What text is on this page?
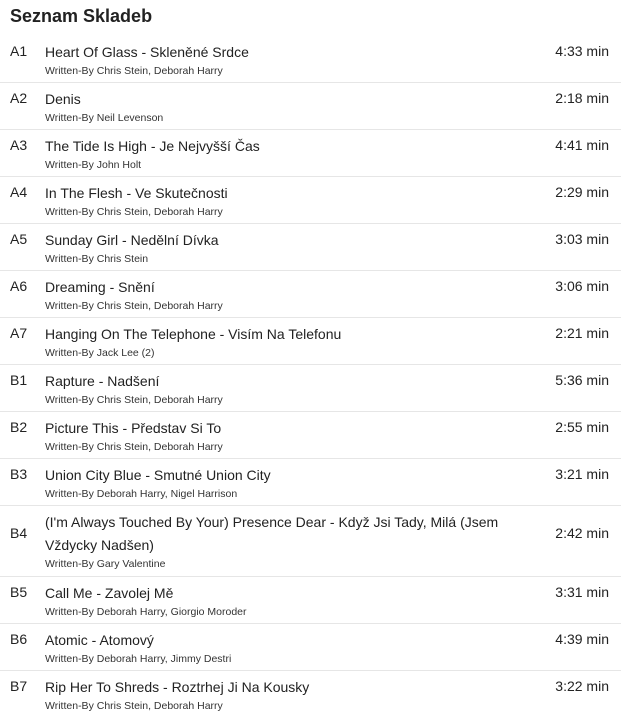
Seznam Skladeb
A1 Heart Of Glass - Skleněné Srdce
Written-By Chris Stein, Deborah Harry
4:33 min
A2 Denis
Written-By Neil Levenson
2:18 min
A3 The Tide Is High - Je Nejvyšší Čas
Written-By John Holt
4:41 min
A4 In The Flesh - Ve Skutečnosti
Written-By Chris Stein, Deborah Harry
2:29 min
A5 Sunday Girl - Nedělní Dívka
Written-By Chris Stein
3:03 min
A6 Dreaming - Snění
Written-By Chris Stein, Deborah Harry
3:06 min
A7 Hanging On The Telephone - Visím Na Telefonu
Written-By Jack Lee (2)
2:21 min
B1 Rapture - Nadšení
Written-By Chris Stein, Deborah Harry
5:36 min
B2 Picture This - Představ Si To
Written-By Chris Stein, Deborah Harry
2:55 min
B3 Union City Blue - Smutné Union City
Written-By Deborah Harry, Nigel Harrison
3:21 min
B4
(I'm Always Touched By Your) Presence Dear - Když Jsi Tady, Milá (Jsem Vždycky Nadšen)
Written-By Gary Valentine
2:42 min
B5 Call Me - Zavolej Mě
Written-By Deborah Harry, Giorgio Moroder
3:31 min
B6 Atomic - Atomový
Written-By Deborah Harry, Jimmy Destri
4:39 min
B7 Rip Her To Shreds - Roztrhej Ji Na Kousky
Written-By Chris Stein, Deborah Harry
3:22 min
